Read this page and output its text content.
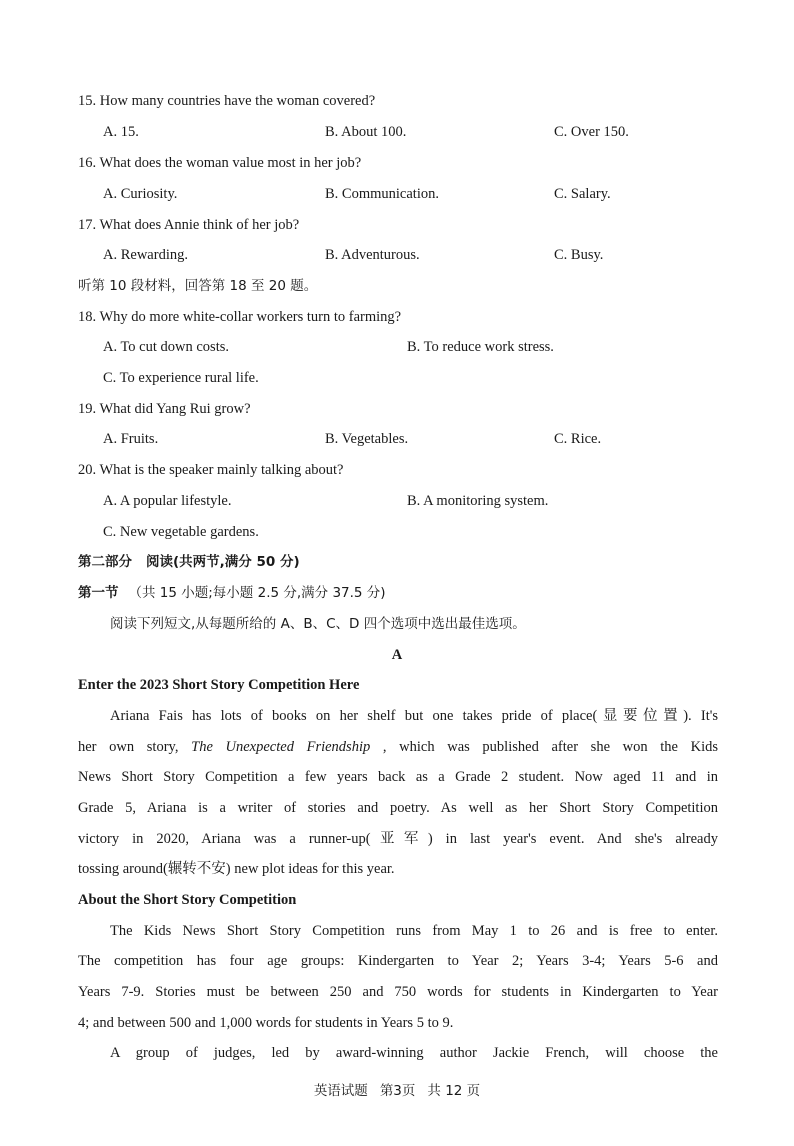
15. How many countries have the woman covered?
A. 15.	B. About 100.	C. Over 150.
16. What does the woman value most in her job?
A. Curiosity.	B. Communication.	C. Salary.
17. What does Annie think of her job?
A. Rewarding.	B. Adventurous.	C. Busy.
听第 10 段材料，回答第 18 至 20 题。
18. Why do more white-collar workers turn to farming?
A. To cut down costs.	B. To reduce work stress.
C. To experience rural life.
19. What did Yang Rui grow?
A. Fruits.	B. Vegetables.	C. Rice.
20. What is the speaker mainly talking about?
A. A popular lifestyle.	B. A monitoring system.
C. New vegetable gardens.
第二部分 阅读(共两节,满分 50 分)
第一节 （共 15 小题;每小题 2.5 分,满分 37.5 分)
阅读下列短文,从每题所给的 A、B、C、D 四个选项中选出最佳选项。
A
Enter the 2023 Short Story Competition Here
Ariana Fais has lots of books on her shelf but one takes pride of place(显要位置). It's
her own story, The Unexpected Friendship , which was published after she won the Kids
News Short Story Competition a few years back as a Grade 2 student. Now aged 11 and in
Grade 5, Ariana is a writer of stories and poetry. As well as her Short Story Competition
victory in 2020, Ariana was a runner-up(亚军) in last year's event. And she's already
tossing around(辗转不安) new plot ideas for this year.
About the Short Story Competition
The Kids News Short Story Competition runs from May 1 to 26 and is free to enter.
The competition has four age groups: Kindergarten to Year 2; Years 3-4; Years 5-6 and
Years 7-9. Stories must be between 250 and 750 words for students in Kindergarten to Year
4; and between 500 and 1,000 words for students in Years 5 to 9.
A group of judges, led by award-winning author Jackie French, will choose the
英语试题 第3页 共 12 页
